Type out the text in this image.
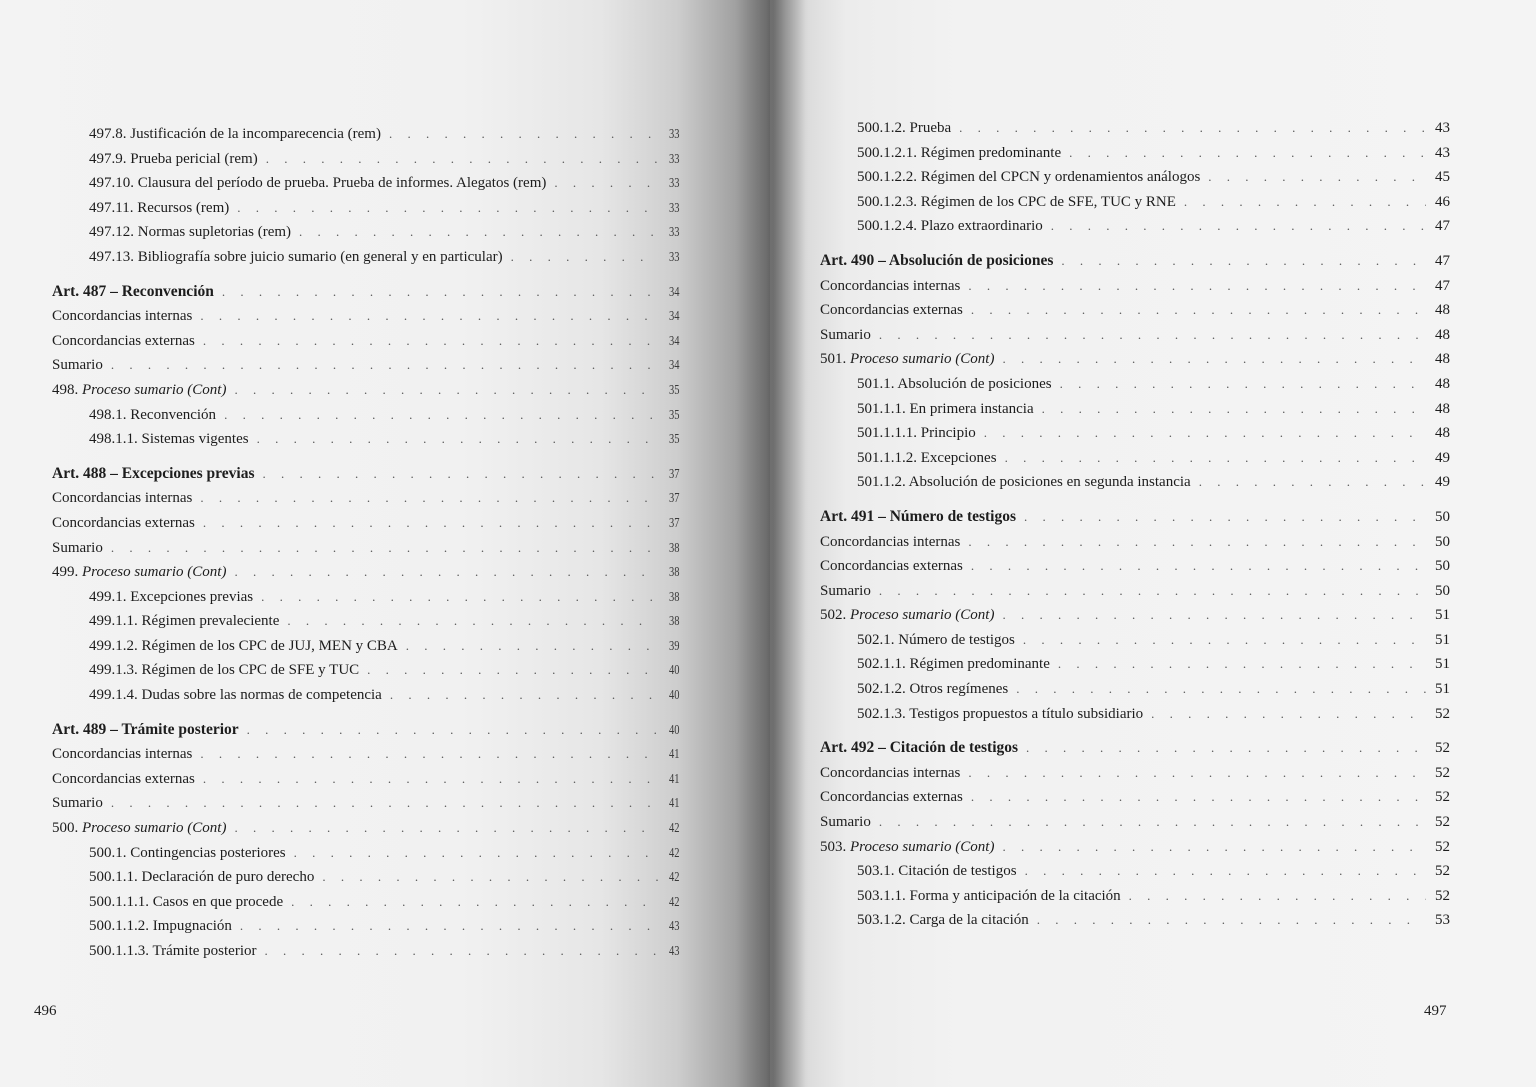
497.8. Justificación de la incomparecencia (rem) . . .	33
497.9. Prueba pericial (rem) . . .	33
497.10. Clausura del período de prueba. Prueba de informes. Alegatos (rem) . . .	33
497.11. Recursos (rem) . . .	33
497.12. Normas supletorias (rem) . . .	33
497.13. Bibliografía sobre juicio sumario (en general y en particular) . . .	33
Art. 487 – Reconvención . . .	34
Concordancias internas . . .	34
Concordancias externas . . .	34
Sumario . . .	34
498. Proceso sumario (Cont) . . .	35
498.1. Reconvención . . .	35
498.1.1. Sistemas vigentes . . .	35
Art. 488 – Excepciones previas . . .	37
Concordancias internas . . .	37
Concordancias externas . . .	37
Sumario . . .	38
499. Proceso sumario (Cont) . . .	38
499.1. Excepciones previas . . .	38
499.1.1. Régimen prevaleciente . . .	38
499.1.2. Régimen de los CPC de JUJ, MEN y CBA . . .	39
499.1.3. Régimen de los CPC de SFE y TUC . . .	40
499.1.4. Dudas sobre las normas de competencia . . .	40
Art. 489 – Trámite posterior . . .	40
Concordancias internas . . .	41
Concordancias externas . . .	41
Sumario . . .	41
500. Proceso sumario (Cont) . . .	42
500.1. Contingencias posteriores . . .	42
500.1.1. Declaración de puro derecho . . .	42
500.1.1.1. Casos en que procede . . .	42
500.1.1.2. Impugnación . . .	43
500.1.1.3. Trámite posterior . . .	43
500.1.2. Prueba . . .	43
500.1.2.1. Régimen predominante . . .	43
500.1.2.2. Régimen del CPCN y ordenamientos análogos . . .	45
500.1.2.3. Régimen de los CPC de SFE, TUC y RNE . . .	46
500.1.2.4. Plazo extraordinario . . .	47
Art. 490 – Absolución de posiciones . . .	47
Concordancias internas . . .	47
Concordancias externas . . .	48
Sumario . . .	48
501. Proceso sumario (Cont) . . .	48
501.1. Absolución de posiciones . . .	48
501.1.1. En primera instancia . . .	48
501.1.1.1. Principio . . .	48
501.1.1.2. Excepciones . . .	49
501.1.2. Absolución de posiciones en segunda instancia . . .	49
Art. 491 – Número de testigos . . .	50
Concordancias internas . . .	50
Concordancias externas . . .	50
Sumario . . .	50
502. Proceso sumario (Cont) . . .	51
502.1. Número de testigos . . .	51
502.1.1. Régimen predominante . . .	51
502.1.2. Otros regímenes . . .	51
502.1.3. Testigos propuestos a título subsidiario . . .	52
Art. 492 – Citación de testigos . . .	52
Concordancias internas . . .	52
Concordancias externas . . .	52
Sumario . . .	52
503. Proceso sumario (Cont) . . .	52
503.1. Citación de testigos . . .	52
503.1.1. Forma y anticipación de la citación . . .	52
503.1.2. Carga de la citación . . .	53
496	497
